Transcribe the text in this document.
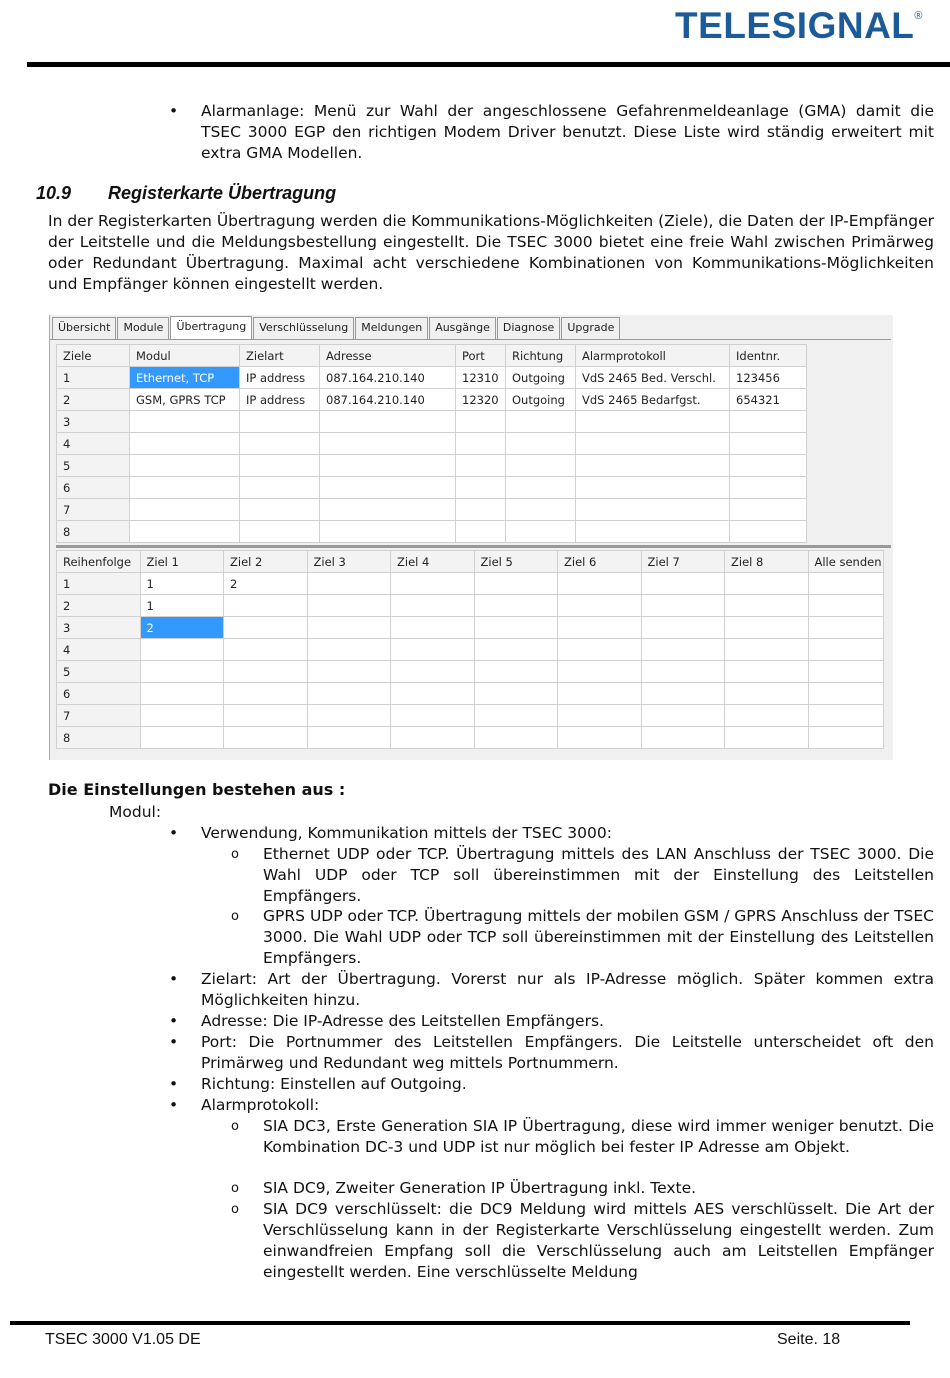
TELESIGNAL®

• Alarmanlage: Menü zur Wahl der angeschlossene Gefahrenmeldeanlage (GMA) damit die TSEC 3000 EGP den richtigen Modem Driver benutzt. Diese Liste wird ständig erweitert mit extra GMA Modellen.

10.9 Registerkarte Übertragung

In der Registerkarten Übertragung werden die Kommunikations-Möglichkeiten (Ziele), die Daten der IP-Empfänger der Leitstelle und die Meldungsbestellung eingestellt. Die TSEC 3000 bietet eine freie Wahl zwischen Primärweg oder Redundant Übertragung. Maximal acht verschiedene Kombinationen von Kommunikations-Möglichkeiten und Empfänger können eingestellt werden.

Übersicht	Module	Übertragung	Verschlüsselung	Meldungen	Ausgänge	Diagnose	Upgrade
Ziele	Modul	Zielart	Adresse	Port	Richtung	Alarmprotokoll	Identnr.
1	Ethernet, TCP	IP address	087.164.210.140	12310	Outgoing	VdS 2465 Bed. Verschl.	123456
2	GSM, GPRS TCP	IP address	087.164.210.140	12320	Outgoing	VdS 2465 Bedarfgst.	654321
3							
4							
5							
6							
7							
8							
Reihenfolge	Ziel 1	Ziel 2	Ziel 3	Ziel 4	Ziel 5	Ziel 6	Ziel 7	Ziel 8	Alle senden
1	1	2							
2	1								
3	2								
4									
5									
6									
7									
8									
Die Einstellungen bestehen aus :
Modul:

• Verwendung, Kommunikation mittels der TSEC 3000:

o Ethernet UDP oder TCP. Übertragung mittels des LAN Anschluss der TSEC 3000. Die Wahl UDP oder TCP soll übereinstimmen mit der Einstellung des Leitstellen Empfängers.

o GPRS UDP oder TCP. Übertragung mittels der mobilen GSM / GPRS Anschluss der TSEC 3000. Die Wahl UDP oder TCP soll übereinstimmen mit der Einstellung des Leitstellen Empfängers.

• Zielart: Art der Übertragung. Vorerst nur als IP-Adresse möglich. Später kommen extra Möglichkeiten hinzu.

• Adresse: Die IP-Adresse des Leitstellen Empfängers.

• Port: Die Portnummer des Leitstellen Empfängers. Die Leitstelle unterscheidet oft den Primärweg und Redundant weg mittels Portnummern.

• Richtung: Einstellen auf Outgoing.

• Alarmprotokoll:

o SIA DC3, Erste Generation SIA IP Übertragung, diese wird immer weniger benutzt. Die Kombination DC-3 und UDP ist nur möglich bei fester IP Adresse am Objekt.

o SIA DC9, Zweiter Generation IP Übertragung inkl. Texte.

o SIA DC9 verschlüsselt: die DC9 Meldung wird mittels AES verschlüsselt. Die Art der Verschlüsselung kann in der Registerkarte Verschlüsselung eingestellt werden. Zum einwandfreien Empfang soll die Verschlüsselung auch am Leitstellen Empfänger eingestellt werden. Eine verschlüsselte Meldung

TSEC 3000 V1.05 DE	Seite. 18
